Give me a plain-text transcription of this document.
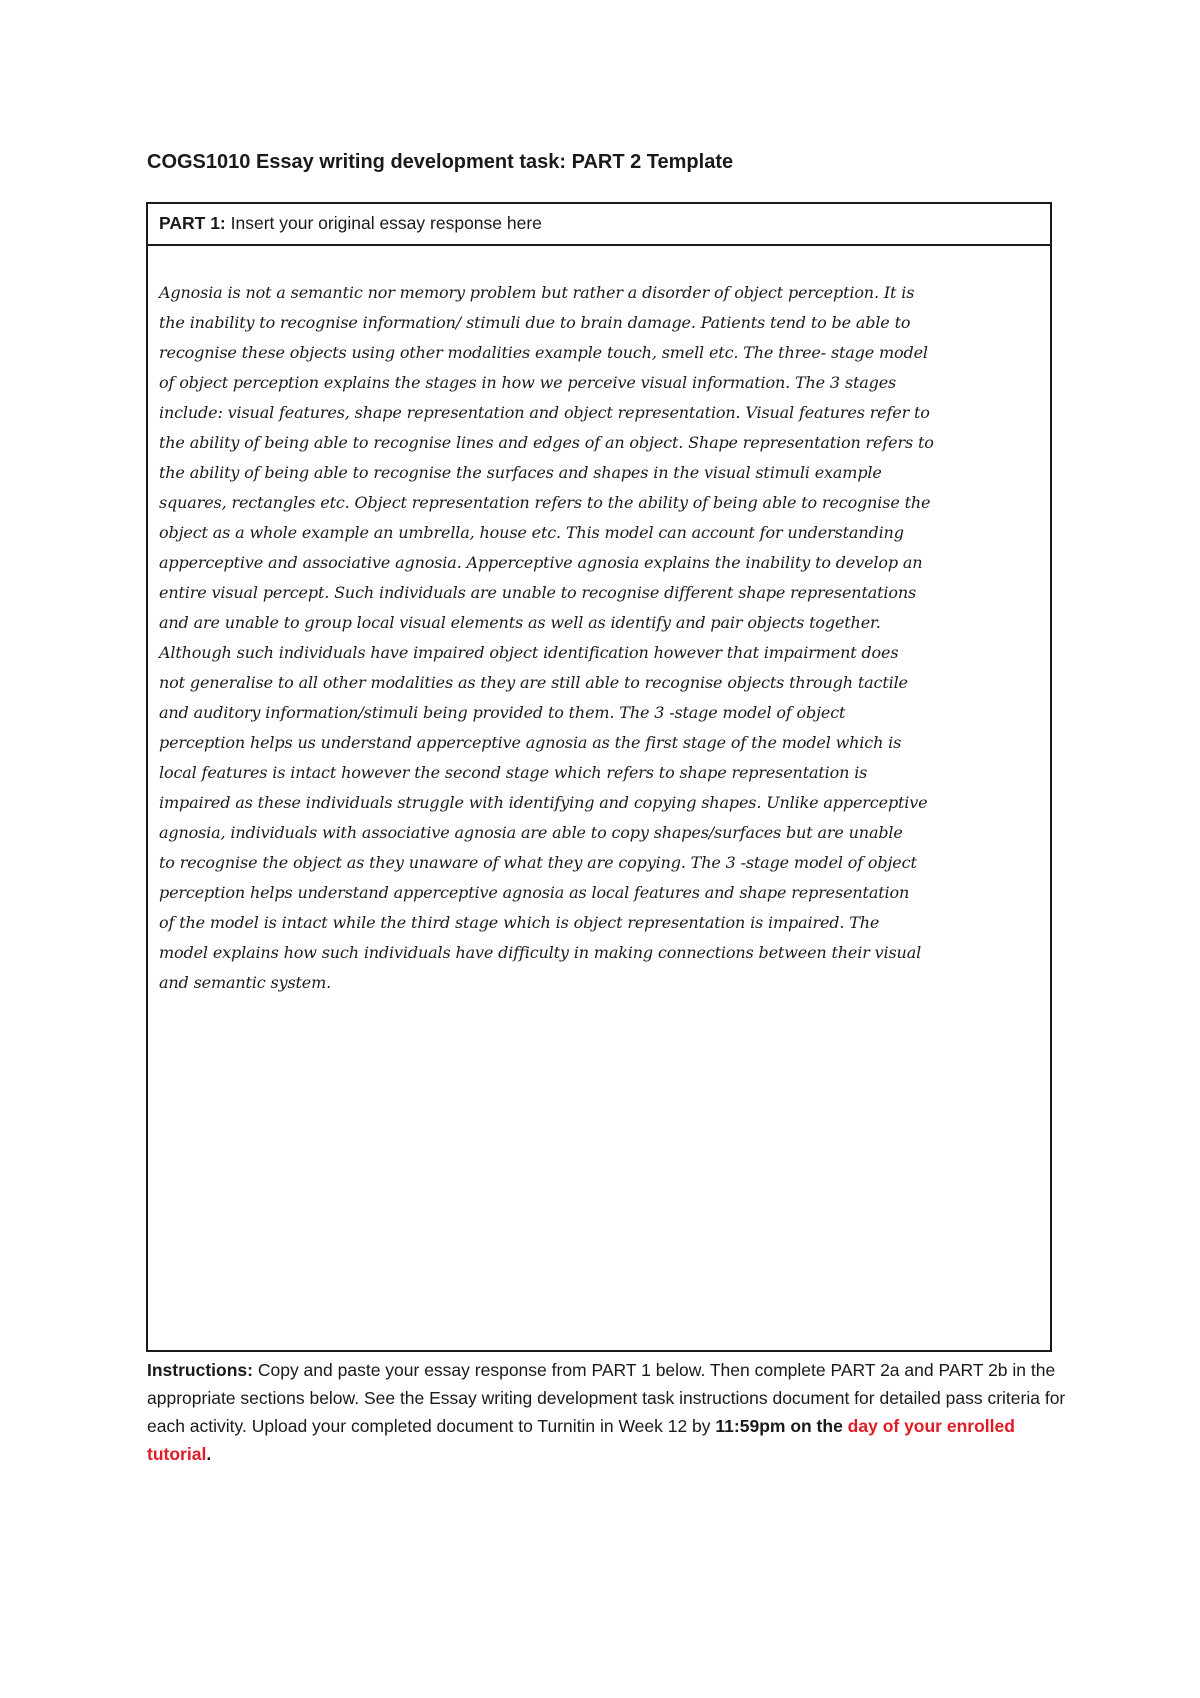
COGS1010 Essay writing development task: PART 2 Template
PART 1: Insert your original essay response here

Agnosia is not a semantic nor memory problem but rather a disorder of object perception. It is
the inability to recognise information/ stimuli due to brain damage. Patients tend to be able to
recognise these objects using other modalities example touch, smell etc. The three- stage model
of object perception explains the stages in how we perceive visual information. The 3 stages
include: visual features, shape representation and object representation. Visual features refer to
the ability of being able to recognise lines and edges of an object. Shape representation refers to
the ability of being able to recognise the surfaces and shapes in the visual stimuli example
squares, rectangles etc. Object representation refers to the ability of being able to recognise the
object as a whole example an umbrella, house etc. This model can account for understanding
apperceptive and associative agnosia. Apperceptive agnosia explains the inability to develop an
entire visual percept. Such individuals are unable to recognise different shape representations
and are unable to group local visual elements as well as identify and pair objects together.
Although such individuals have impaired object identification however that impairment does
not generalise to all other modalities as they are still able to recognise objects through tactile
and auditory information/stimuli being provided to them. The 3 -stage model of object
perception helps us understand apperceptive agnosia as the first stage of the model which is
local features is intact however the second stage which refers to shape representation is
impaired as these individuals struggle with identifying and copying shapes. Unlike apperceptive
agnosia, individuals with associative agnosia are able to copy shapes/surfaces but are unable
to recognise the object as they unaware of what they are copying. The 3 -stage model of object
perception helps understand apperceptive agnosia as local features and shape representation
of the model is intact while the third stage which is object representation is impaired. The
model explains how such individuals have difficulty in making connections between their visual
and semantic system.

Instructions: Copy and paste your essay response from PART 1 below. Then complete PART 2a and PART 2b in the appropriate sections below. See the Essay writing development task instructions document for detailed pass criteria for each activity. Upload your completed document to Turnitin in Week 12 by 11:59pm on the day of your enrolled tutorial.
